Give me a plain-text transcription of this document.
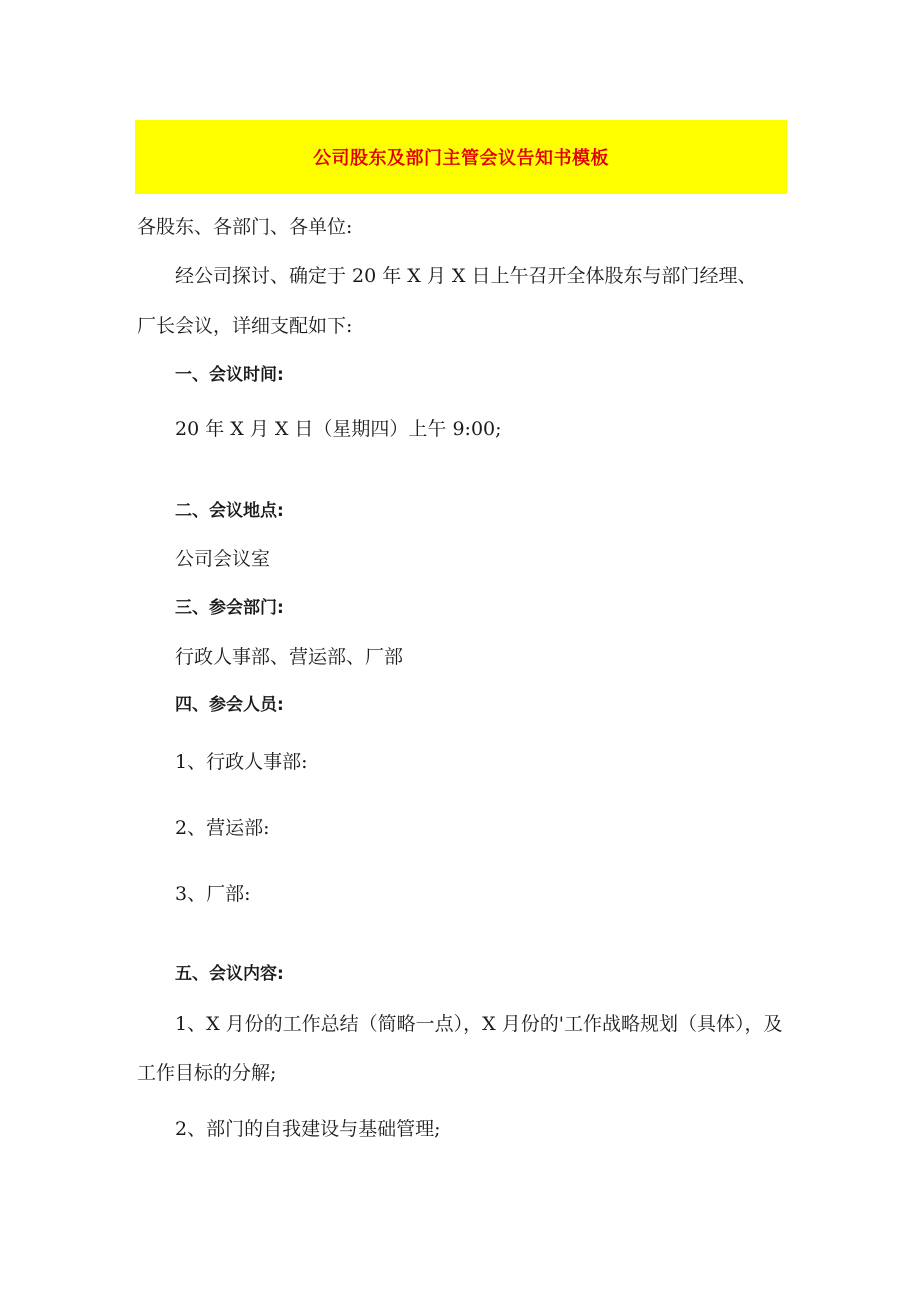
公司股东及部门主管会议告知书模板
各股东、各部门、各单位:
经公司探讨、确定于 20 年 X 月 X 日上午召开全体股东与部门经理、
厂长会议，详细支配如下:
一、会议时间:
20 年 X 月 X 日（星期四）上午 9:00;
二、会议地点:
公司会议室
三、参会部门:
行政人事部、营运部、厂部
四、参会人员:
1、行政人事部:
2、营运部:
3、厂部:
五、会议内容:
1、X 月份的工作总结（简略一点），X 月份的'工作战略规划（具体），及
工作目标的分解;
2、部门的自我建设与基础管理;
